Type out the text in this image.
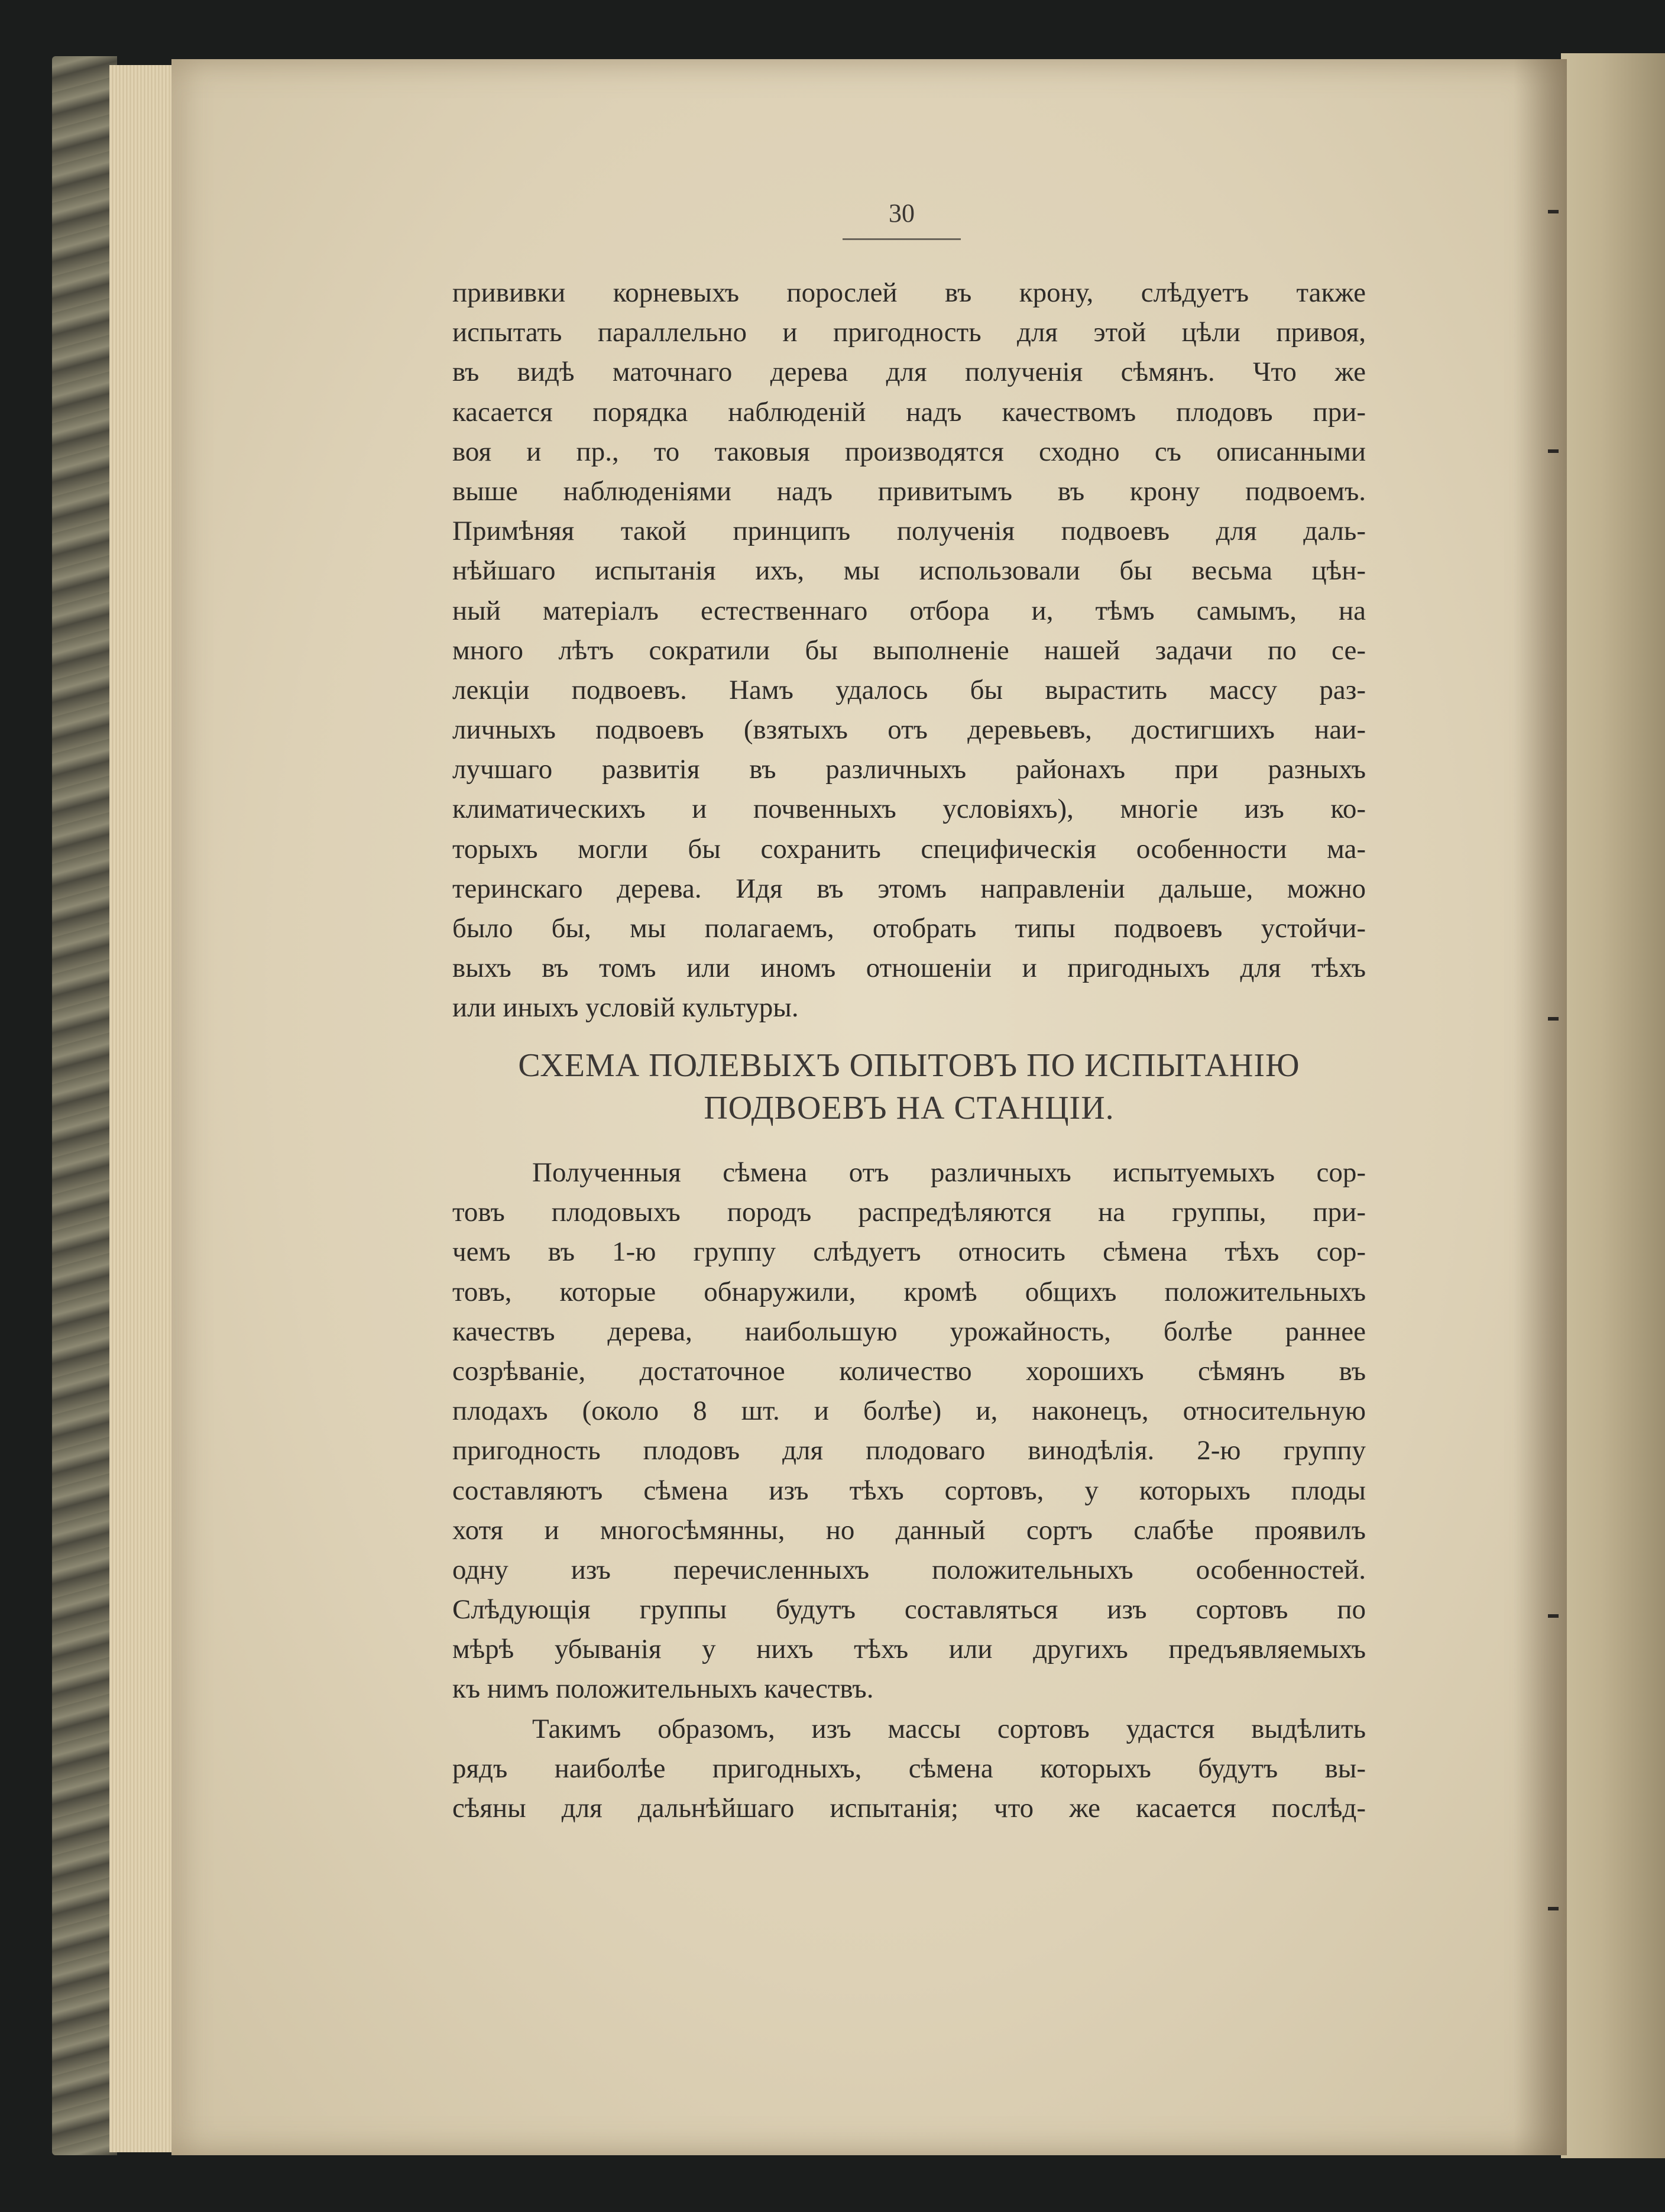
30
прививки корневыхъ порослей въ крону, слѣдуетъ также
испытать параллельно и пригодность для этой цѣли привоя,
въ видѣ маточнаго дерева для полученія сѣмянъ. Что же
касается порядка наблюденій надъ качествомъ плодовъ при-
воя и пр., то таковыя производятся сходно съ описанными
выше наблюденіями надъ привитымъ въ крону подвоемъ.
Примѣняя такой принципъ полученія подвоевъ для даль-
нѣйшаго испытанія ихъ, мы использовали бы весьма цѣн-
ный матеріалъ естественнаго отбора и, тѣмъ самымъ, на
много лѣтъ сократили бы выполненіе нашей задачи по се-
лекціи подвоевъ. Намъ удалось бы вырастить массу раз-
личныхъ подвоевъ (взятыхъ отъ деревьевъ, достигшихъ наи-
лучшаго развитія въ различныхъ районахъ при разныхъ
климатическихъ и почвенныхъ условіяхъ), многіе изъ ко-
торыхъ могли бы сохранить специфическія особенности ма-
теринскаго дерева. Идя въ этомъ направленіи дальше, можно
было бы, мы полагаемъ, отобрать типы подвоевъ устойчи-
выхъ въ томъ или иномъ отношеніи и пригодныхъ для тѣхъ
или иныхъ условій культуры.
СХЕМА ПОЛЕВЫХЪ ОПЫТОВЪ ПО ИСПЫТАНІЮ
ПОДВОЕВЪ НА СТАНЦІИ.
Полученныя сѣмена отъ различныхъ испытуемыхъ сор-
товъ плодовыхъ породъ распредѣляются на группы, при-
чемъ въ 1-ю группу слѣдуетъ относить сѣмена тѣхъ сор-
товъ, которые обнаружили, кромѣ общихъ положительныхъ
качествъ дерева, наибольшую урожайность, болѣе раннее
созрѣваніе, достаточное количество хорошихъ сѣмянъ въ
плодахъ (около 8 шт. и болѣе) и, наконецъ, относительную
пригодность плодовъ для плодоваго винодѣлія. 2-ю группу
составляютъ сѣмена изъ тѣхъ сортовъ, у которыхъ плоды
хотя и многосѣмянны, но данный сортъ слабѣе проявилъ
одну изъ перечисленныхъ положительныхъ особенностей.
Слѣдующія группы будутъ составляться изъ сортовъ по
мѣрѣ убыванія у нихъ тѣхъ или другихъ предъявляемыхъ
къ нимъ положительныхъ качествъ.
Такимъ образомъ, изъ массы сортовъ удастся выдѣлить
рядъ наиболѣе пригодныхъ, сѣмена которыхъ будутъ вы-
сѣяны для дальнѣйшаго испытанія; что же касается послѣд-
